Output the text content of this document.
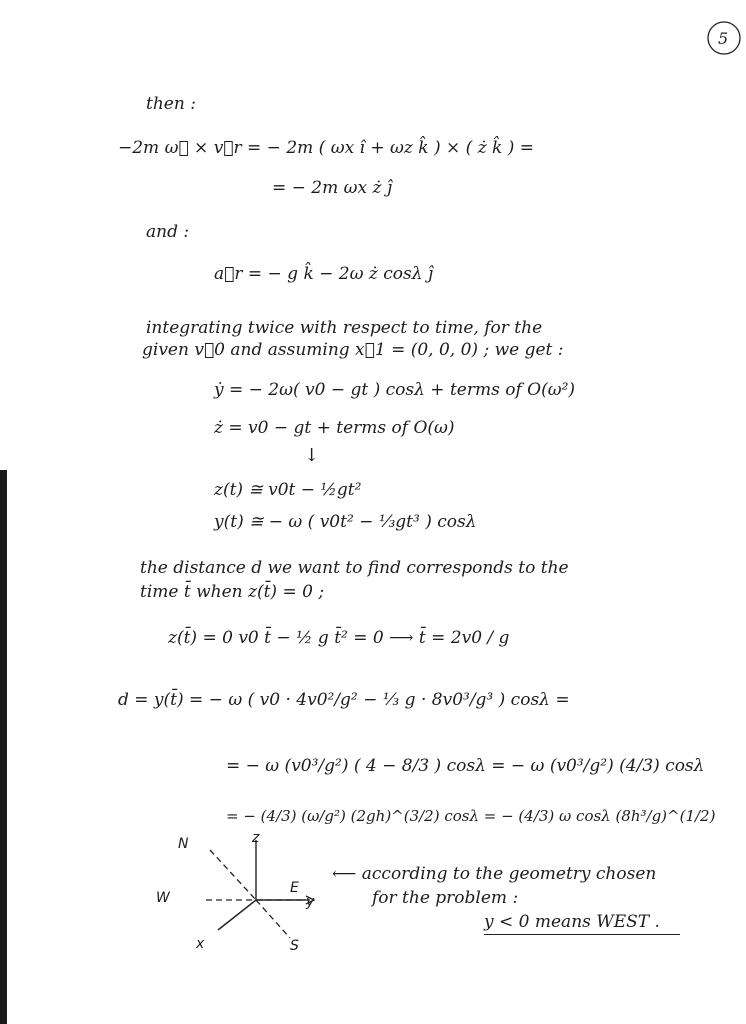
5
then :
−2m ω⃗ × v⃗r = − 2m ( ωx î + ωz k̂ ) × ( ż k̂ ) =
= − 2m ωx ż ĵ
and :
a⃗r = − g k̂ − 2ω ż cosλ ĵ
integrating twice with respect to time, for the
given v⃗0 and assuming x⃗1 = (0, 0, 0) ; we get :
ẏ = − 2ω( v0 − gt ) cosλ + terms of O(ω²)
ż = v0 − gt + terms of O(ω)
↓
z(t) ≅ v0t − ½gt²
y(t) ≅ − ω ( v0t² − ⅓gt³ ) cosλ
the distance d we want to find corresponds to the
time t̄ when z(t̄) = 0 ;
z(t̄) = 0 v0 t̄ − ½ g t̄² = 0 ⟶ t̄ = 2v0 / g
d = y(t̄) = − ω ( v0 · 4v0²/g² − ⅓ g · 8v0³/g³ ) cosλ =
= − ω (v0³/g²) ( 4 − 8/3 ) cosλ = − ω (v0³/g²) (4/3) cosλ
= − (4/3) (ω/g²) (2gh)^(3/2) cosλ = − (4/3) ω cosλ (8h³/g)^(1/2)
⟵ according to the geometry chosen
for the problem :
y < 0 means WEST .
N	z
W
E
y
x	S
